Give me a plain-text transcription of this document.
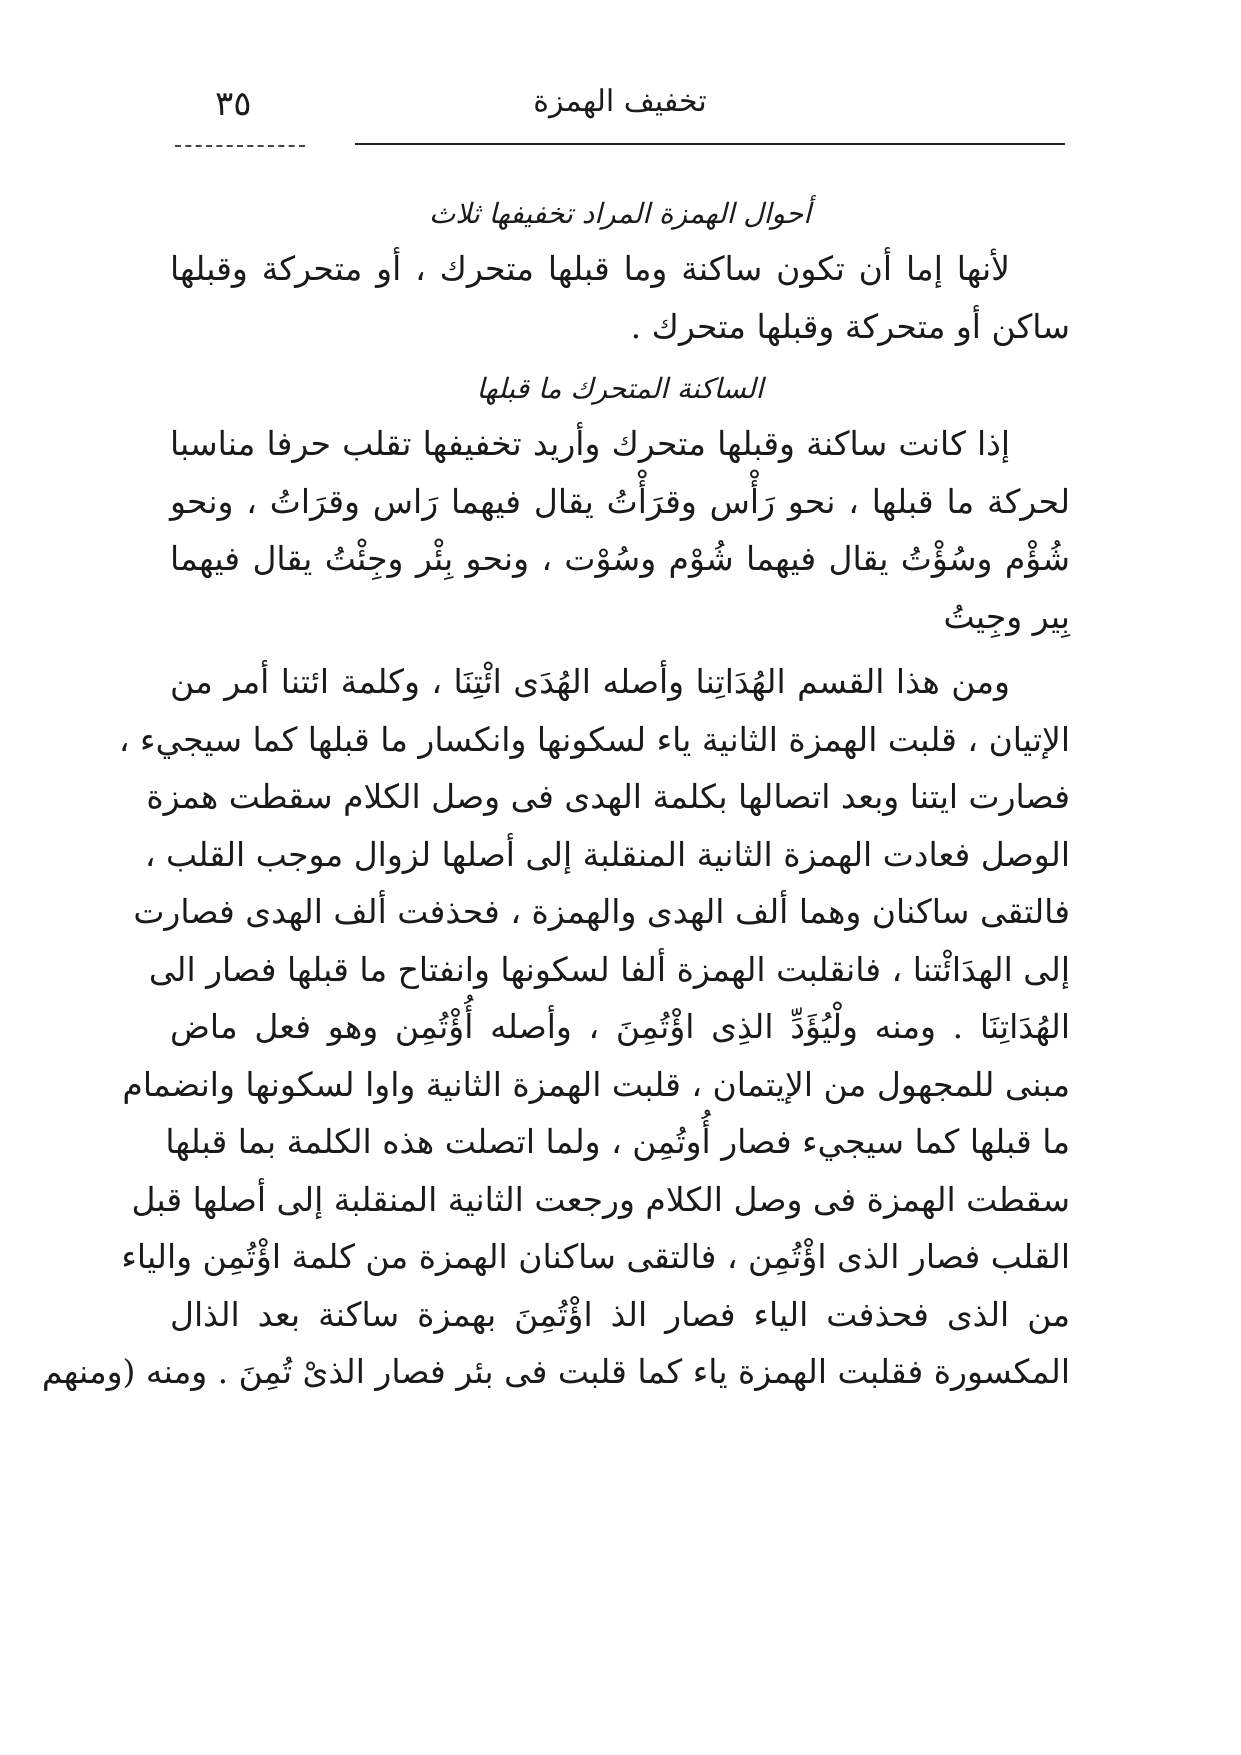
٣٥	تخفيف الهمزة

أحوال الهمزة المراد تخفيفها ثلاث

لأنها إما أن تكون ساكنة وما قبلها متحرك ، أو متحركة وقبلها
ساكن أو متحركة وقبلها متحرك .

الساكنة المتحرك ما قبلها

إذا كانت ساكنة وقبلها متحرك وأريد تخفيفها تقلب حرفا مناسبا
لحركة ما قبلها ، نحو رَأْس وقرَأْتُ يقال فيهما رَاس وقرَاتُ ، ونحو
شُؤْم وسُؤْتُ يقال فيهما شُوْم وسُوْت ، ونحو بِئْر وجِئْتُ يقال فيهما
بِير وجِيتُ
ومن هذا القسم الهُدَاتِنا وأصله الهُدَى ائْتِنَا ، وكلمة ائتنا أمر من
الإتيان ، قلبت الهمزة الثانية ياء لسكونها وانكسار ما قبلها كما سيجيء ،
فصارت ايتنا وبعد اتصالها بكلمة الهدى فى وصل الكلام سقطت همزة
الوصل فعادت الهمزة الثانية المنقلبة إلى أصلها لزوال موجب القلب ،
فالتقى ساكنان وهما ألف الهدى والهمزة ، فحذفت ألف الهدى فصارت
إلى الهدَائْتنا ، فانقلبت الهمزة ألفا لسكونها وانفتاح ما قبلها فصار الى
الهُدَاتِنَا . ومنه ولْيُؤَدِّ الذِى اؤْتُمِنَ ، وأصله أُؤْتُمِن وهو فعل ماض
مبنى للمجهول من الإيتمان ، قلبت الهمزة الثانية واوا لسكونها وانضمام
ما قبلها كما سيجيء فصار أُوتُمِن ، ولما اتصلت هذه الكلمة بما قبلها
سقطت الهمزة فى وصل الكلام ورجعت الثانية المنقلبة إلى أصلها قبل
القلب فصار الذى اؤْتُمِن ، فالتقى ساكنان الهمزة من كلمة اؤْتُمِن والياء
من الذى فحذفت الياء فصار الذ اؤْتُمِنَ بهمزة ساكنة بعد الذال
المكسورة فقلبت الهمزة ياء كما قلبت فى بئر فصار الذىْ تُمِنَ . ومنه (ومنهم
